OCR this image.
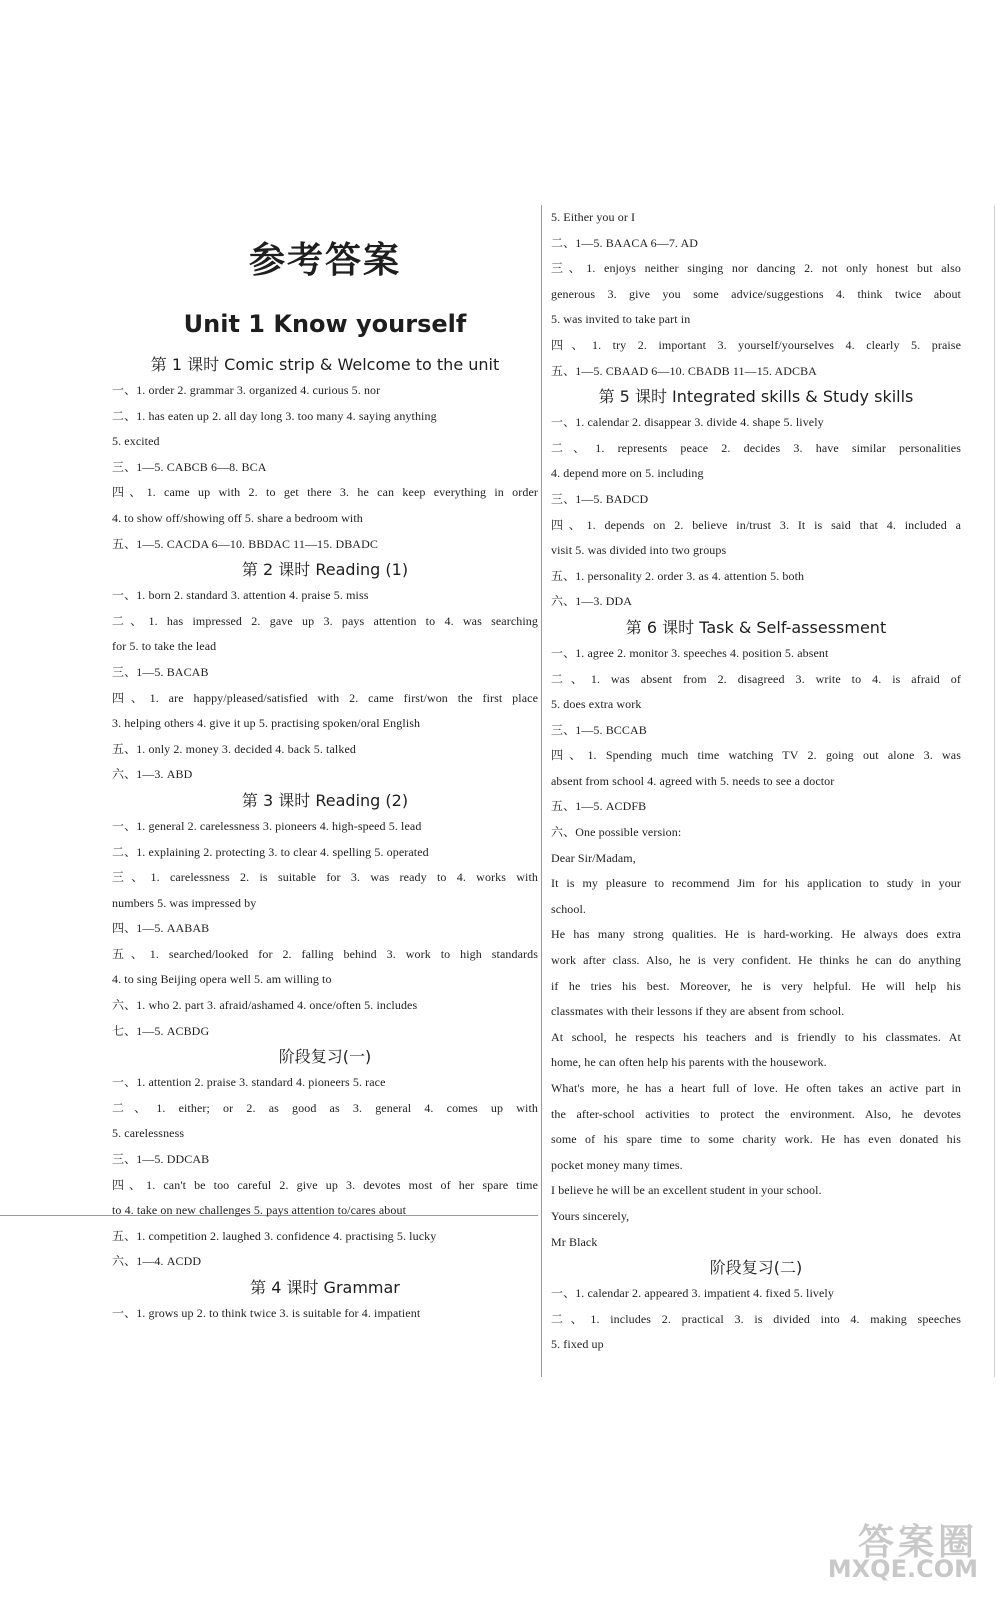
参考答案
Unit 1 Know yourself
第 1 课时 Comic strip & Welcome to the unit
一、1. order 2. grammar 3. organized 4. curious 5. nor
二、1. has eaten up 2. all day long 3. too many 4. saying anything
5. excited
三、1—5. CABCB 6—8. BCA
四、1. came up with 2. to get there 3. he can keep everything in order
4. to show off/showing off 5. share a bedroom with
五、1—5. CACDA 6—10. BBDAC 11—15. DBADC
第 2 课时 Reading (1)
一、1. born 2. standard 3. attention 4. praise 5. miss
二、1. has impressed 2. gave up 3. pays attention to 4. was searching
for 5. to take the lead
三、1—5. BACAB
四、1. are happy/pleased/satisfied with 2. came first/won the first place
3. helping others 4. give it up 5. practising spoken/oral English
五、1. only 2. money 3. decided 4. back 5. talked
六、1—3. ABD
第 3 课时 Reading (2)
一、1. general 2. carelessness 3. pioneers 4. high-speed 5. lead
二、1. explaining 2. protecting 3. to clear 4. spelling 5. operated
三、1. carelessness 2. is suitable for 3. was ready to 4. works with
numbers 5. was impressed by
四、1—5. AABAB
五、1. searched/looked for 2. falling behind 3. work to high standards
4. to sing Beijing opera well 5. am willing to
六、1. who 2. part 3. afraid/ashamed 4. once/often 5. includes
七、1—5. ACBDG
阶段复习(一)
一、1. attention 2. praise 3. standard 4. pioneers 5. race
二、1. either; or 2. as good as 3. general 4. comes up with
5. carelessness
三、1—5. DDCAB
四、1. can't be too careful 2. give up 3. devotes most of her spare time
to 4. take on new challenges 5. pays attention to/cares about
五、1. competition 2. laughed 3. confidence 4. practising 5. lucky
六、1—4. ACDD
第 4 课时 Grammar
一、1. grows up 2. to think twice 3. is suitable for 4. impatient
5. Either you or I
二、1—5. BAACA 6—7. AD
三、1. enjoys neither singing nor dancing 2. not only honest but also
generous 3. give you some advice/suggestions 4. think twice about
5. was invited to take part in
四、1. try 2. important 3. yourself/yourselves 4. clearly 5. praise
五、1—5. CBAAD 6—10. CBADB 11—15. ADCBA
第 5 课时 Integrated skills & Study skills
一、1. calendar 2. disappear 3. divide 4. shape 5. lively
二、1. represents peace 2. decides 3. have similar personalities
4. depend more on 5. including
三、1—5. BADCD
四、1. depends on 2. believe in/trust 3. It is said that 4. included a
visit 5. was divided into two groups
五、1. personality 2. order 3. as 4. attention 5. both
六、1—3. DDA
第 6 课时 Task & Self-assessment
一、1. agree 2. monitor 3. speeches 4. position 5. absent
二、1. was absent from 2. disagreed 3. write to 4. is afraid of
5. does extra work
三、1—5. BCCAB
四、1. Spending much time watching TV 2. going out alone 3. was
absent from school 4. agreed with 5. needs to see a doctor
五、1—5. ACDFB
六、One possible version:
Dear Sir/Madam,
It is my pleasure to recommend Jim for his application to study in your
school.
He has many strong qualities. He is hard-working. He always does extra
work after class. Also, he is very confident. He thinks he can do anything
if he tries his best. Moreover, he is very helpful. He will help his
classmates with their lessons if they are absent from school.
At school, he respects his teachers and is friendly to his classmates. At
home, he can often help his parents with the housework.
What's more, he has a heart full of love. He often takes an active part in
the after-school activities to protect the environment. Also, he devotes
some of his spare time to some charity work. He has even donated his
pocket money many times.
I believe he will be an excellent student in your school.
Yours sincerely,
Mr Black
阶段复习(二)
一、1. calendar 2. appeared 3. impatient 4. fixed 5. lively
二、1. includes 2. practical 3. is divided into 4. making speeches
5. fixed up
答案圈
MXQE.COM
